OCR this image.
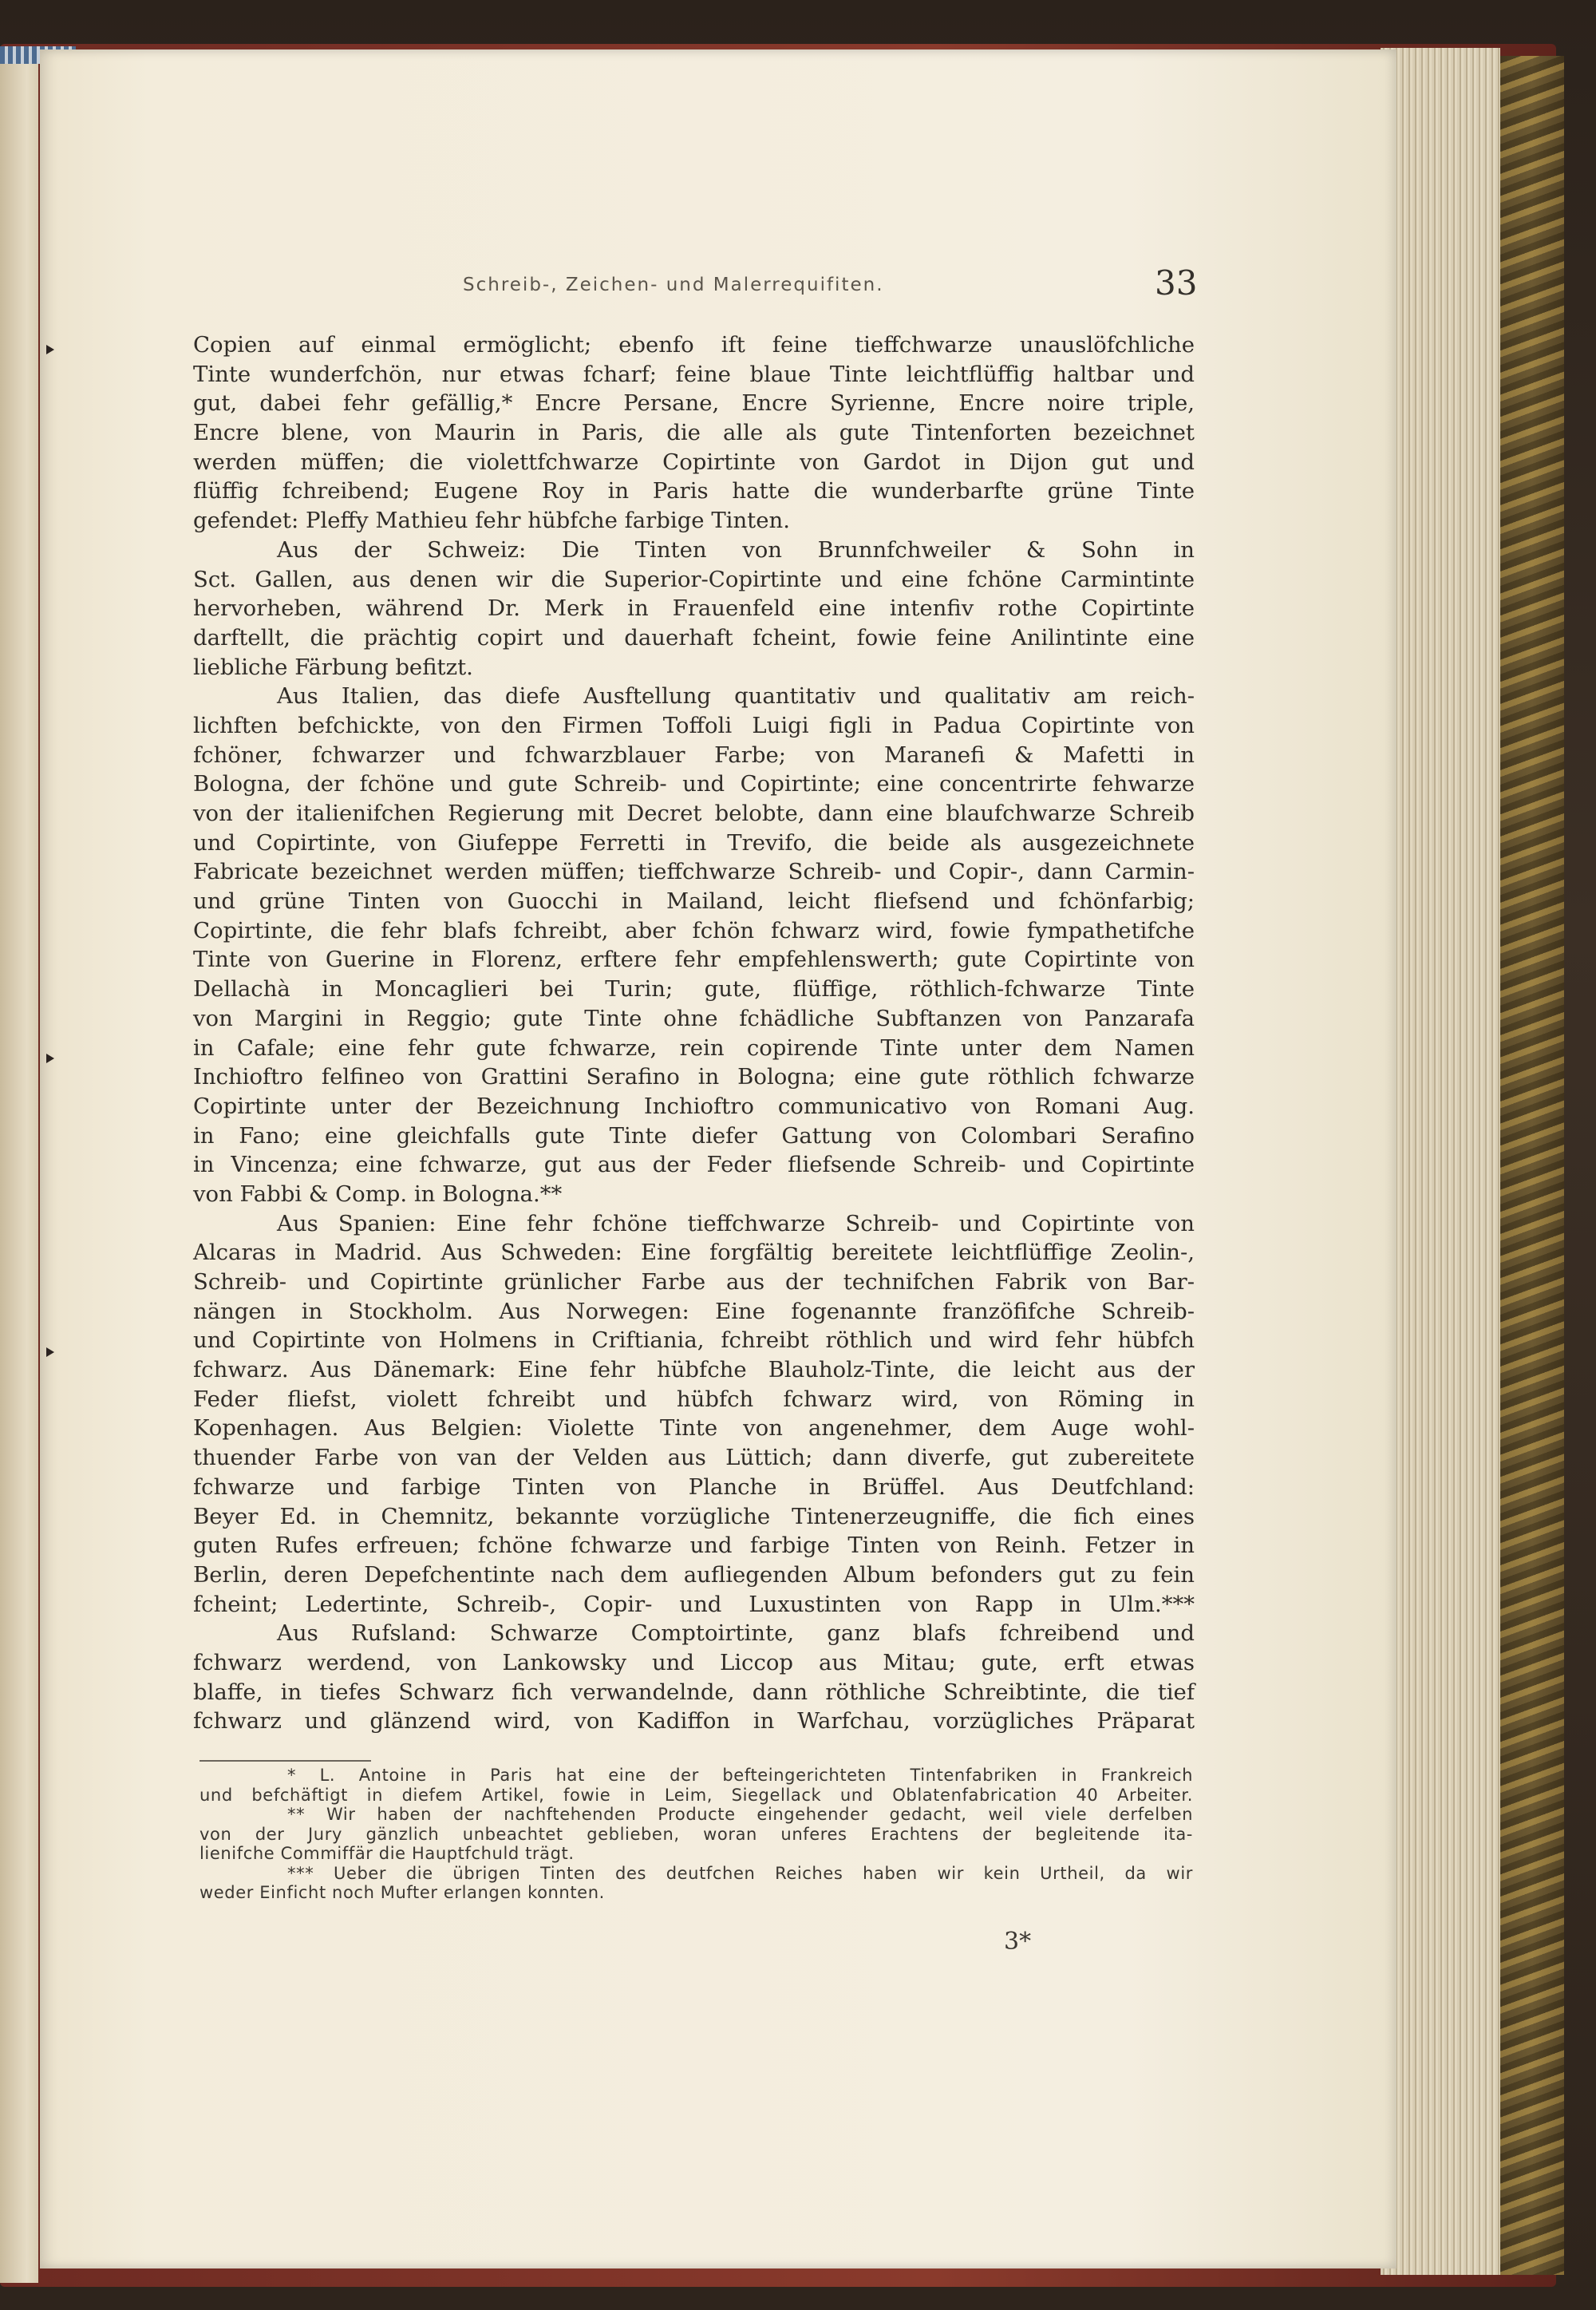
Schreib-, Zeichen- und Malerrequifiten.	33
Copien auf einmal ermöglicht; ebenfo ift feine tieffchwarze unauslöfchliche
Tinte wunderfchön, nur etwas fcharf; feine blaue Tinte leichtflüffig haltbar und
gut, dabei fehr gefällig,* Encre Persane, Encre Syrienne, Encre noire triple,
Encre blene, von Maurin in Paris, die alle als gute Tintenforten bezeichnet
werden müffen; die violettfchwarze Copirtinte von Gardot in Dijon gut und
flüffig fchreibend; Eugene Roy in Paris hatte die wunderbarfte grüne Tinte
gefendet: Pleffy Mathieu fehr hübfche farbige Tinten.
Aus der Schweiz: Die Tinten von Brunnfchweiler & Sohn in
Sct. Gallen, aus denen wir die Superior-Copirtinte und eine fchöne Carmintinte
hervorheben, während Dr. Merk in Frauenfeld eine intenfiv rothe Copirtinte
darftellt, die prächtig copirt und dauerhaft fcheint, fowie feine Anilintinte eine
liebliche Färbung befitzt.
Aus Italien, das diefe Ausftellung quantitativ und qualitativ am reich-
lichften befchickte, von den Firmen Toffoli Luigi figli in Padua Copirtinte von
fchöner, fchwarzer und fchwarzblauer Farbe; von Maranefi & Mafetti in
Bologna, der fchöne und gute Schreib- und Copirtinte; eine concentrirte fehwarze
von der italienifchen Regierung mit Decret belobte, dann eine blaufchwarze Schreib
und Copirtinte, von Giufeppe Ferretti in Trevifo, die beide als ausgezeichnete
Fabricate bezeichnet werden müffen; tieffchwarze Schreib- und Copir-, dann Carmin-
und grüne Tinten von Guocchi in Mailand, leicht fliefsend und fchönfarbig;
Copirtinte, die fehr blafs fchreibt, aber fchön fchwarz wird, fowie fympathetifche
Tinte von Guerine in Florenz, erftere fehr empfehlenswerth; gute Copirtinte von
Dellachà in Moncaglieri bei Turin; gute, flüffige, röthlich-fchwarze Tinte
von Margini in Reggio; gute Tinte ohne fchädliche Subftanzen von Panzarafa
in Cafale; eine fehr gute fchwarze, rein copirende Tinte unter dem Namen
Inchioftro felfineo von Grattini Serafino in Bologna; eine gute röthlich fchwarze
Copirtinte unter der Bezeichnung Inchioftro communicativo von Romani Aug.
in Fano; eine gleichfalls gute Tinte diefer Gattung von Colombari Serafino
in Vincenza; eine fchwarze, gut aus der Feder fliefsende Schreib- und Copirtinte
von Fabbi & Comp. in Bologna.**
Aus Spanien: Eine fehr fchöne tieffchwarze Schreib- und Copirtinte von
Alcaras in Madrid. Aus Schweden: Eine forgfältig bereitete leichtflüffige Zeolin-,
Schreib- und Copirtinte grünlicher Farbe aus der technifchen Fabrik von Bar-
nängen in Stockholm. Aus Norwegen: Eine fogenannte franzöfifche Schreib-
und Copirtinte von Holmens in Criftiania, fchreibt röthlich und wird fehr hübfch
fchwarz. Aus Dänemark: Eine fehr hübfche Blauholz-Tinte, die leicht aus der
Feder fliefst, violett fchreibt und hübfch fchwarz wird, von Röming in
Kopenhagen. Aus Belgien: Violette Tinte von angenehmer, dem Auge wohl-
thuender Farbe von van der Velden aus Lüttich; dann diverfe, gut zubereitete
fchwarze und farbige Tinten von Planche in Brüffel. Aus Deutfchland:
Beyer Ed. in Chemnitz, bekannte vorzügliche Tintenerzeugniffe, die fich eines
guten Rufes erfreuen; fchöne fchwarze und farbige Tinten von Reinh. Fetzer in
Berlin, deren Depefchentinte nach dem aufliegenden Album befonders gut zu fein
fcheint; Ledertinte, Schreib-, Copir- und Luxustinten von Rapp in Ulm.***
Aus Rufsland: Schwarze Comptoirtinte, ganz blafs fchreibend und
fchwarz werdend, von Lankowsky und Liccop aus Mitau; gute, erft etwas
blaffe, in tiefes Schwarz fich verwandelnde, dann röthliche Schreibtinte, die tief
fchwarz und glänzend wird, von Kadiffon in Warfchau, vorzügliches Präparat
* L. Antoine in Paris hat eine der befteingerichteten Tintenfabriken in Frankreich
und befchäftigt in diefem Artikel, fowie in Leim, Siegellack und Oblatenfabrication 40 Arbeiter.
** Wir haben der nachftehenden Producte eingehender gedacht, weil viele derfelben
von der Jury gänzlich unbeachtet geblieben, woran unferes Erachtens der begleitende ita-
lienifche Commiffär die Hauptfchuld trägt.
*** Ueber die übrigen Tinten des deutfchen Reiches haben wir kein Urtheil, da wir
weder Einficht noch Mufter erlangen konnten.
3*
